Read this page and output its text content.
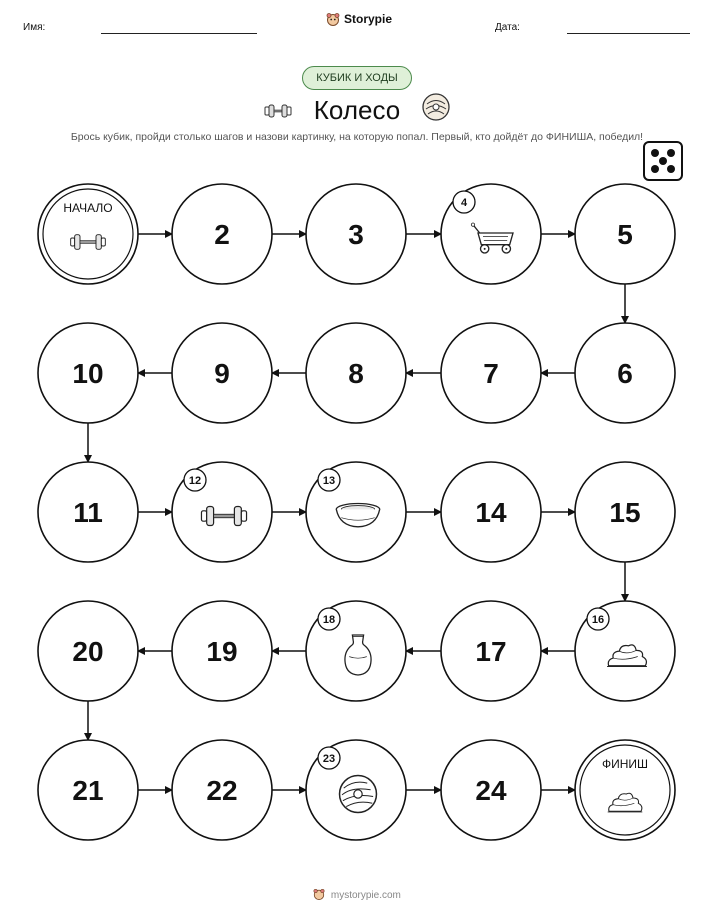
Имя:
Storypie
Дата:
КУБИК И ХОДЫ
Колесо
Брось кубик, пройди столько шагов и назови картинку, на которую попал. Первый, кто дойдёт до ФИНИША, победил!
НАЧАЛО
2	3
4
5
6
7
8
9
10
11
12	13
14	15
16
17
18
19
20
21	22
23
24
ФИНИШ
mystorypie.com
